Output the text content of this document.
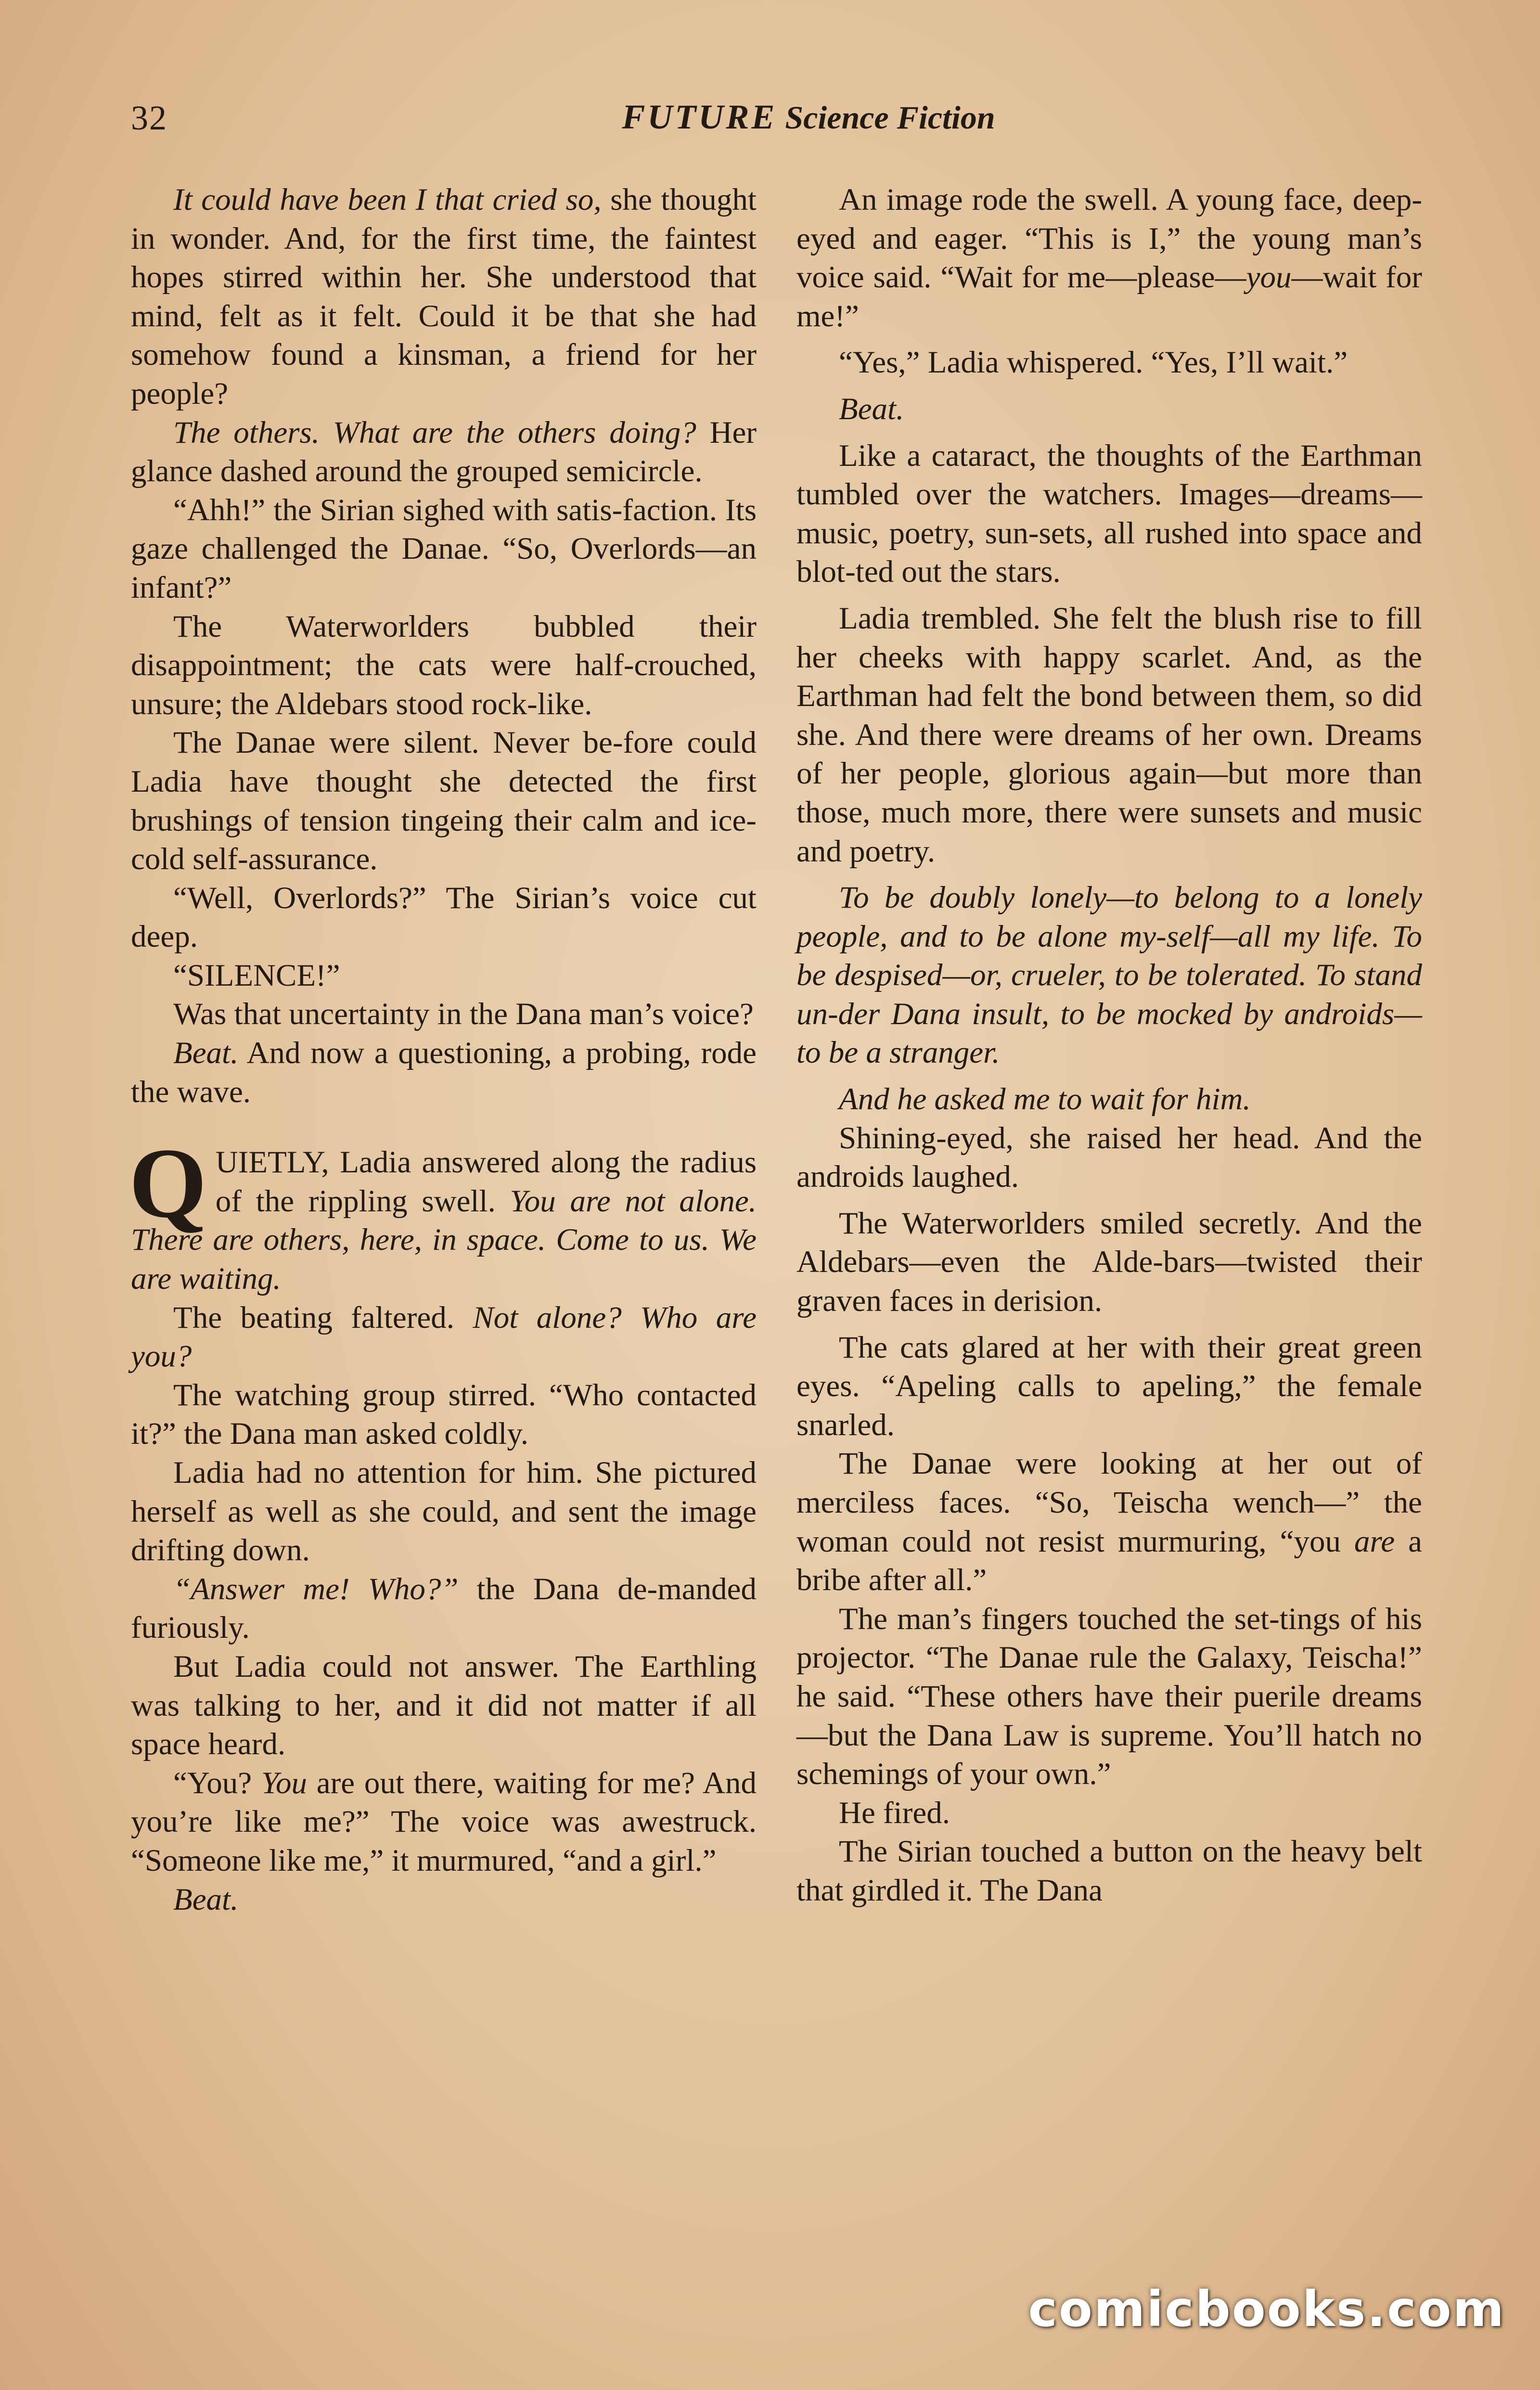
32	FUTURE Science Fiction

It could have been I that cried so, she thought in wonder. And, for the first time, the faintest hopes stirred within her. She understood that mind, felt as it felt. Could it be that she had somehow found a kinsman, a friend for her people?

The others. What are the others doing? Her glance dashed around the grouped semicircle.

“Ahh!” the Sirian sighed with satis-faction. Its gaze challenged the Danae. “So, Overlords—an infant?”

The Waterworlders bubbled their disappointment; the cats were half-crouched, unsure; the Aldebars stood rock-like.

The Danae were silent. Never be-fore could Ladia have thought she detected the first brushings of tension tingeing their calm and ice-cold self-assurance.

“Well, Overlords?” The Sirian’s voice cut deep.

“SILENCE!”

Was that uncertainty in the Dana man’s voice?

Beat. And now a questioning, a probing, rode the wave.

QUIETLY, Ladia answered along the radius of the rippling swell. You are not alone. There are others, here, in space. Come to us. We are waiting.

The beating faltered. Not alone? Who are you?

The watching group stirred. “Who contacted it?” the Dana man asked coldly.

Ladia had no attention for him. She pictured herself as well as she could, and sent the image drifting down.

“Answer me! Who?” the Dana de-manded furiously.

But Ladia could not answer. The Earthling was talking to her, and it did not matter if all space heard.

“You? You are out there, waiting for me? And you’re like me?” The voice was awestruck. “Someone like me,” it murmured, “and a girl.”

Beat.

An image rode the swell. A young face, deep-eyed and eager. “This is I,” the young man’s voice said. “Wait for me—please—you—wait for me!”

“Yes,” Ladia whispered. “Yes, I’ll wait.”

Beat.

Like a cataract, the thoughts of the Earthman tumbled over the watchers. Images—dreams—music, poetry, sun-sets, all rushed into space and blot-ted out the stars.

Ladia trembled. She felt the blush rise to fill her cheeks with happy scarlet. And, as the Earthman had felt the bond between them, so did she. And there were dreams of her own. Dreams of her people, glorious again—but more than those, much more, there were sunsets and music and poetry.

To be doubly lonely—to belong to a lonely people, and to be alone my-self—all my life. To be despised—or, crueler, to be tolerated. To stand un-der Dana insult, to be mocked by androids—to be a stranger.

And he asked me to wait for him.

Shining-eyed, she raised her head. And the androids laughed.

The Waterworlders smiled secretly. And the Aldebars—even the Alde-bars—twisted their graven faces in derision.

The cats glared at her with their great green eyes. “Apeling calls to apeling,” the female snarled.

The Danae were looking at her out of merciless faces. “So, Teischa wench—” the woman could not resist murmuring, “you are a bribe after all.”

The man’s fingers touched the set-tings of his projector. “The Danae rule the Galaxy, Teischa!” he said. “These others have their puerile dreams—but the Dana Law is supreme. You’ll hatch no schemings of your own.”

He fired.

The Sirian touched a button on the heavy belt that girdled it. The Dana

comicbooks.com
